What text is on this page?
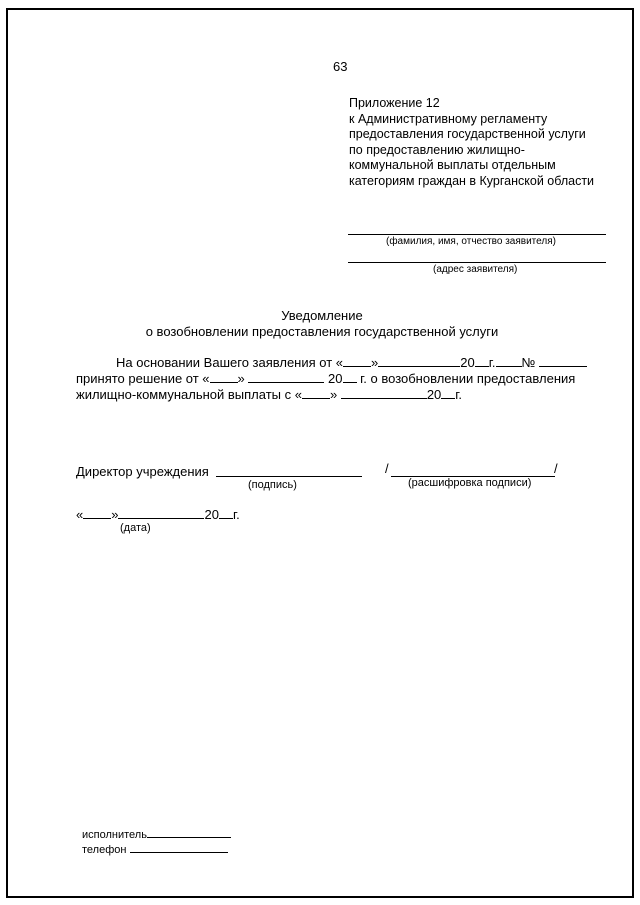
63
Приложение 12
к Административному регламенту
предоставления государственной услуги
по предоставлению жилищно-
коммунальной выплаты отдельным
категориям граждан в Курганской области
(фамилия, имя, отчество заявителя)
(адрес заявителя)
Уведомление
о возобновлении предоставления государственной услуги
На основании Вашего заявления от « »	20 г. №
принято решение от « »	20 г. о возобновлении предоставления
жилищно-коммунальной выплаты с « »	20 г.
Директор учреждения
(подпись)
/	/
(расшифровка подписи)
« »	20 г.
(дата)
исполнитель
телефон
